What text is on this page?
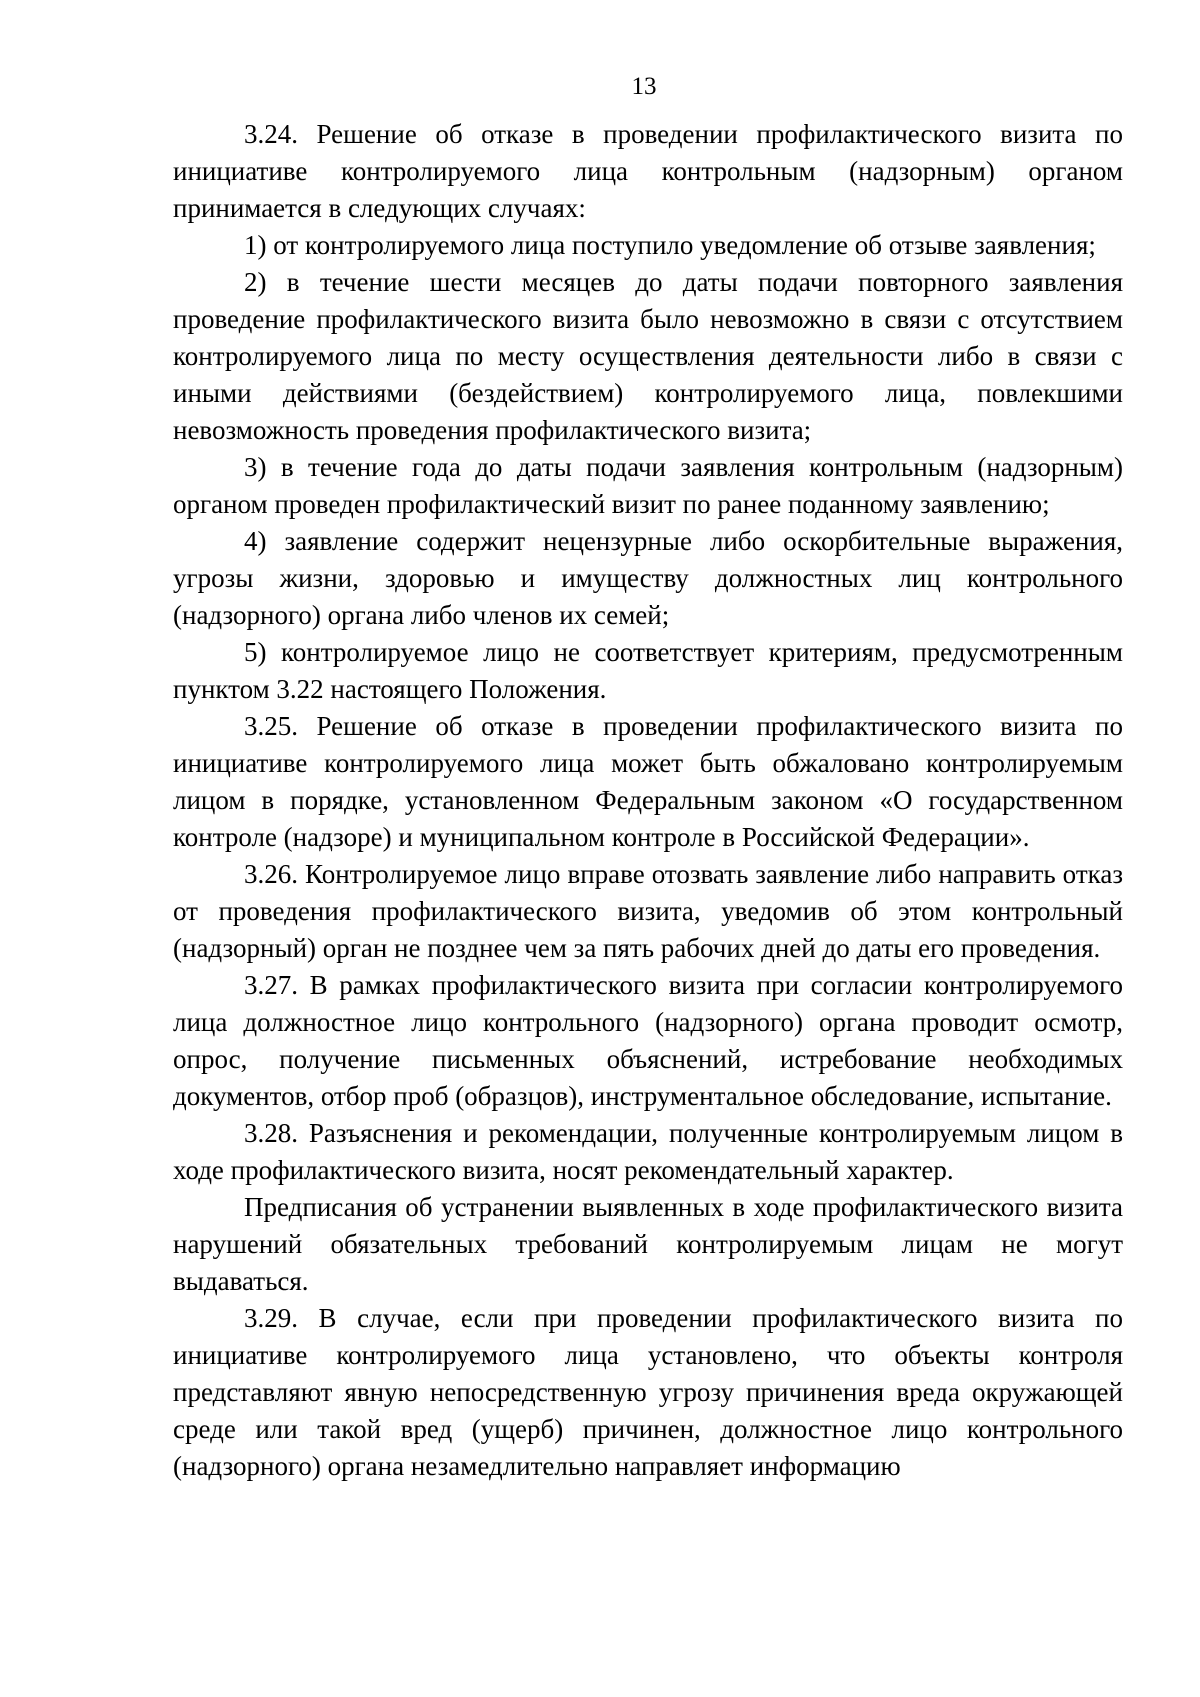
13

3.24. Решение об отказе в проведении профилактического визита по инициативе контролируемого лица контрольным (надзорным) органом принимается в следующих случаях:

1) от контролируемого лица поступило уведомление об отзыве заявления;

2) в течение шести месяцев до даты подачи повторного заявления проведение профилактического визита было невозможно в связи с отсутствием контролируемого лица по месту осуществления деятельности либо в связи с иными действиями (бездействием) контролируемого лица, повлекшими невозможность проведения профилактического визита;

3) в течение года до даты подачи заявления контрольным (надзорным) органом проведен профилактический визит по ранее поданному заявлению;

4) заявление содержит нецензурные либо оскорбительные выражения, угрозы жизни, здоровью и имуществу должностных лиц контрольного (надзорного) органа либо членов их семей;

5) контролируемое лицо не соответствует критериям, предусмотренным пунктом 3.22 настоящего Положения.

3.25. Решение об отказе в проведении профилактического визита по инициативе контролируемого лица может быть обжаловано контролируемым лицом в порядке, установленном Федеральным законом «О государственном контроле (надзоре) и муниципальном контроле в Российской Федерации».

3.26. Контролируемое лицо вправе отозвать заявление либо направить отказ от проведения профилактического визита, уведомив об этом контрольный (надзорный) орган не позднее чем за пять рабочих дней до даты его проведения.

3.27. В рамках профилактического визита при согласии контролируемого лица должностное лицо контрольного (надзорного) органа проводит осмотр, опрос, получение письменных объяснений, истребование необходимых документов, отбор проб (образцов), инструментальное обследование, испытание.

3.28. Разъяснения и рекомендации, полученные контролируемым лицом в ходе профилактического визита, носят рекомендательный характер.

Предписания об устранении выявленных в ходе профилактического визита нарушений обязательных требований контролируемым лицам не могут выдаваться.

3.29. В случае, если при проведении профилактического визита по инициативе контролируемого лица установлено, что объекты контроля представляют явную непосредственную угрозу причинения вреда окружающей среде или такой вред (ущерб) причинен, должностное лицо контрольного (надзорного) органа незамедлительно направляет информацию
